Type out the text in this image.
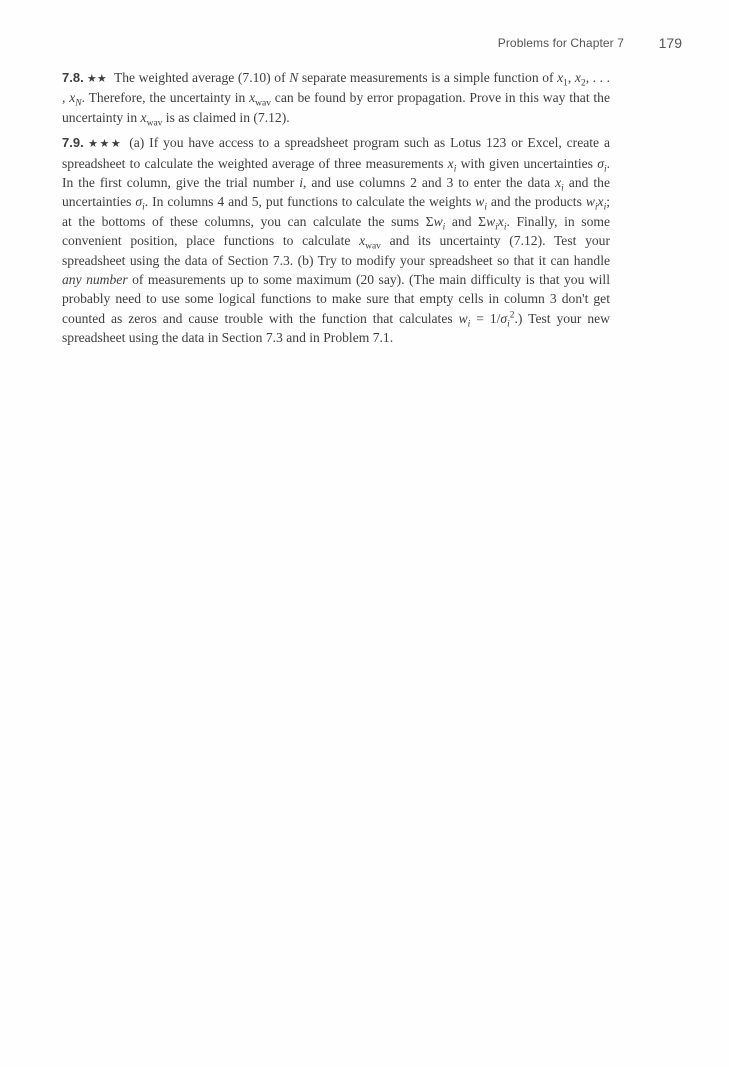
Problems for Chapter 7 179

7.8. ★★ The weighted average (7.10) of N separate measurements is a simple function of $x_1$, $x_2$, . . . , $x_N$. Therefore, the uncertainty in $x_{wav}$ can be found by error propagation. Prove in this way that the uncertainty in $x_{wav}$ is as claimed in (7.12).

7.9. ★★★ (a) If you have access to a spreadsheet program such as Lotus 123 or Excel, create a spreadsheet to calculate the weighted average of three measurements $x_i$ with given uncertainties $\sigma_i$. In the first column, give the trial number i, and use columns 2 and 3 to enter the data $x_i$ and the uncertainties $\sigma_i$. In columns 4 and 5, put functions to calculate the weights $w_i$ and the products $w_ix_i$; at the bottoms of these columns, you can calculate the sums $\Sigma w_i$ and $\Sigma w_ix_i$. Finally, in some convenient position, place functions to calculate $x_{wav}$ and its uncertainty (7.12). Test your spreadsheet using the data of Section 7.3. (b) Try to modify your spreadsheet so that it can handle any number of measurements up to some maximum (20 say). (The main difficulty is that you will probably need to use some logical functions to make sure that empty cells in column 3 don't get counted as zeros and cause trouble with the function that calculates $w_i = 1/\sigma_i^2$.) Test your new spreadsheet using the data in Section 7.3 and in Problem 7.1.
